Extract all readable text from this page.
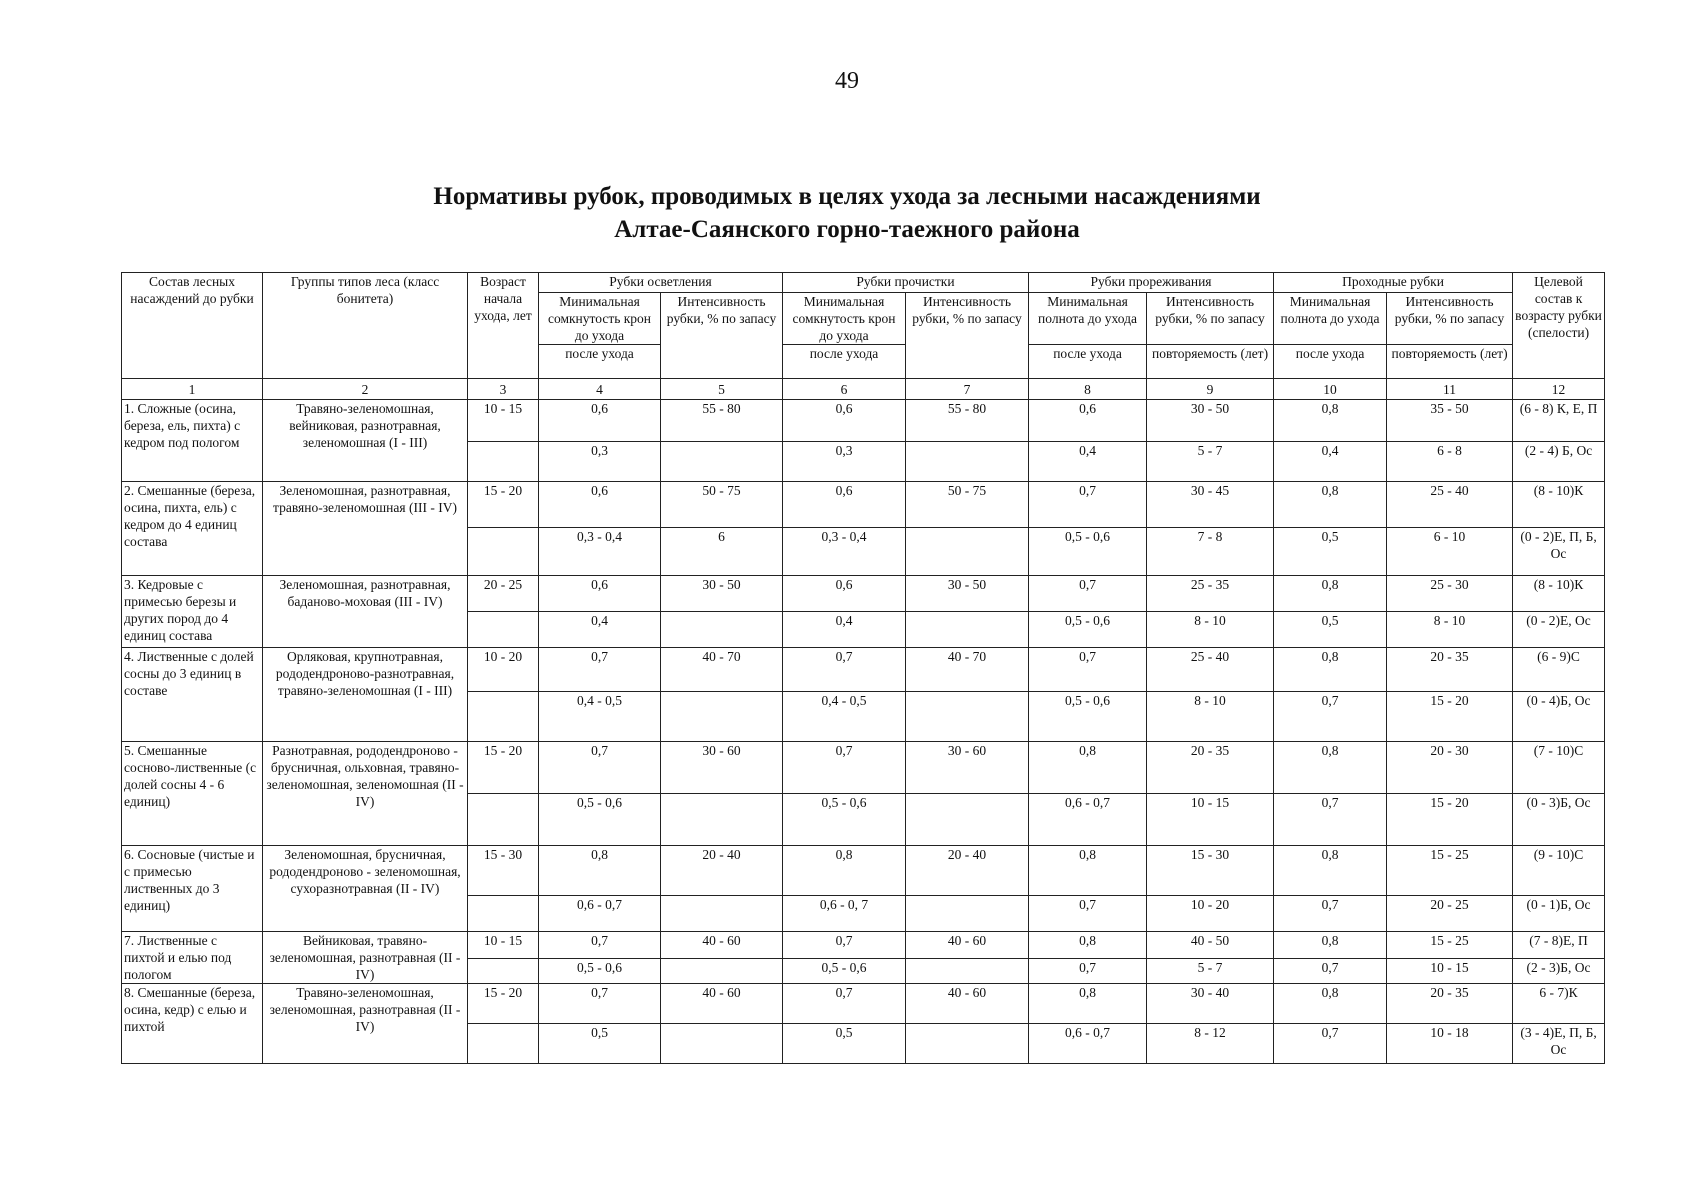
49
Нормативы рубок, проводимых в целях ухода за лесными насаждениями
Алтае-Саянского горно-таежного района
Состав лесных насаждений до рубки	Группы типов леса (класс бонитета)	Возраст начала ухода, лет	Рубки осветления		Рубки прочистки		Рубки прореживания		Проходные рубки		Целевой состав к возрасту рубки (спелости)
			Минимальная сомкнутость крон до ухода	Интенсивность рубки, % по запасу	Минимальная сомкнутость крон до ухода	Интенсивность рубки, % по запасу	Минимальная полнота до ухода	Интенсивность рубки, % по запасу	Минимальная полнота до ухода	Интенсивность рубки, % по запасу	
			после ухода		после ухода		после ухода	повторяемость (лет)	после ухода	повторяемость (лет)	
1	2	3	4	5	6	7	8	9	10	11	12
1. Сложные (осина, береза, ель, пихта) с кедром под пологом	Травяно-зеленомошная, вейниковая, разнотравная, зеленомошная (I - III)	10 - 15	0,6	55 - 80	0,6	55 - 80	0,6	30 - 50	0,8	35 - 50	(6 - 8) К, Е, П
			0,3		0,3		0,4	5 - 7	0,4	6 - 8	(2 - 4) Б, Ос
2. Смешанные (береза, осина, пихта, ель) с кедром до 4 единиц состава	Зеленомошная, разнотравная, травяно-зеленомошная (III - IV)	15 - 20	0,6	50 - 75	0,6	50 - 75	0,7	30 - 45	0,8	25 - 40	(8 - 10)К
			0,3 - 0,4	6	0,3 - 0,4		0,5 - 0,6	7 - 8	0,5	6 - 10	(0 - 2)Е, П, Б, Ос
3. Кедровые с примесью березы и других пород до 4 единиц состава	Зеленомошная, разнотравная, баданово-моховая (III - IV)	20 - 25	0,6	30 - 50	0,6	30 - 50	0,7	25 - 35	0,8	25 - 30	(8 - 10)К
			0,4		0,4		0,5 - 0,6	8 - 10	0,5	8 - 10	(0 - 2)Е, Ос
4. Лиственные с долей сосны до 3 единиц в составе	Орляковая, крупнотравная, рододендроново-разнотравная, травяно-зеленомошная (I - III)	10 - 20	0,7	40 - 70	0,7	40 - 70	0,7	25 - 40	0,8	20 - 35	(6 - 9)С
			0,4 - 0,5		0,4 - 0,5		0,5 - 0,6	8 - 10	0,7	15 - 20	(0 - 4)Б, Ос
5. Смешанные сосново-лиственные (с долей сосны 4 - 6 единиц)	Разнотравная, рододендроново - брусничная, ольховная, травяно-зеленомошная, зеленомошная (II - IV)	15 - 20	0,7	30 - 60	0,7	30 - 60	0,8	20 - 35	0,8	20 - 30	(7 - 10)С
			0,5 - 0,6		0,5 - 0,6		0,6 - 0,7	10 - 15	0,7	15 - 20	(0 - 3)Б, Ос
6. Сосновые (чистые и с примесью лиственных до 3 единиц)	Зеленомошная, брусничная, рододендроново - зеленомошная, сухоразнотравная (II - IV)	15 - 30	0,8	20 - 40	0,8	20 - 40	0,8	15 - 30	0,8	15 - 25	(9 - 10)С
			0,6 - 0,7		0,6 - 0, 7		0,7	10 - 20	0,7	20 - 25	(0 - 1)Б, Ос
7. Лиственные с пихтой и елью под пологом	Вейниковая, травяно-зеленомошная, разнотравная (II - IV)	10 - 15	0,7	40 - 60	0,7	40 - 60	0,8	40 - 50	0,8	15 - 25	(7 - 8)Е, П
			0,5 - 0,6		0,5 - 0,6		0,7	5 - 7	0,7	10 - 15	(2 - 3)Б, Ос
8. Смешанные (береза, осина, кедр) с елью и пихтой	Травяно-зеленомошная, зеленомошная, разнотравная (II - IV)	15 - 20	0,7	40 - 60	0,7	40 - 60	0,8	30 - 40	0,8	20 - 35	6 - 7)К
			0,5		0,5		0,6 - 0,7	8 - 12	0,7	10 - 18	(3 - 4)Е, П, Б, Ос
